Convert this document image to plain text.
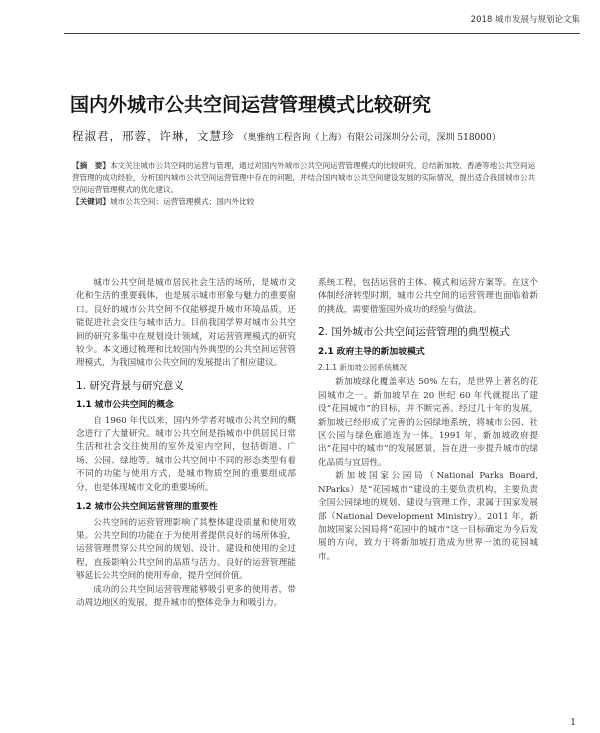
2018 城市发展与规划论文集
国内外城市公共空间运营管理模式比较研究
程淑君，邢蓉，许琳，文慧珍 （奥雅纳工程咨询（上海）有限公司深圳分公司，深圳 518000）

【摘　要】本文关注城市公共空间的运营与管理，通过对国内外城市公共空间运营管理模式的比较研究，总结新加坡、香港等地公共空间运营管理的成功经验，分析国内城市公共空间运营管理中存在的问题，并结合国内城市公共空间建设发展的实际情况，提出适合我国城市公共空间运营管理模式的优化建议。

【关键词】城市公共空间；运营管理模式；国内外比较

城市公共空间是城市居民社会生活的场所，是城市文化和生活的重要载体，也是展示城市形象与魅力的重要窗口。良好的城市公共空间不仅能够提升城市环境品质，还能促进社会交往与城市活力。目前我国学界对城市公共空间的研究多集中在规划设计领域，对运营管理模式的研究较少。本文通过梳理和比较国内外典型的公共空间运营管理模式，为我国城市公共空间的发展提出了相应建议。

1. 研究背景与研究意义
1.1 城市公共空间的概念

自 1960 年代以来，国内外学者对城市公共空间的概念进行了大量研究。城市公共空间是指城市中供居民日常生活和社会交往使用的室外及室内空间，包括街道、广场、公园、绿地等。城市公共空间中不同的形态类型有着不同的功能与使用方式，是城市物质空间的重要组成部分，也是体现城市文化的重要场所。

1.2 城市公共空间运营管理的重要性

公共空间的运营管理影响了其整体建设质量和使用效果。公共空间的功能在于为使用者提供良好的场所体验，运营管理贯穿公共空间的规划、设计、建设和使用的全过程，直接影响公共空间的品质与活力。良好的运营管理能够延长公共空间的使用寿命，提升空间价值。

成功的公共空间运营管理能够吸引更多的使用者，带动周边地区的发展，提升城市的整体竞争力和吸引力。

系统工程，包括运营的主体、模式和运营方案等。在这个体制经济转型时期，城市公共空间的运营管理也面临着新的挑战，需要借鉴国外成功的经验与做法。

2. 国外城市公共空间运营管理的典型模式
2.1 政府主导的新加坡模式
2.1.1 新加坡公园系统概况

新加坡绿化覆盖率达 50% 左右，是世界上著名的花园城市之一。新加坡早在 20 世纪 60 年代就提出了建设“花园城市”的目标，并不断完善。经过几十年的发展，新加坡已经形成了完善的公园绿地系统，将城市公园、社区公园与绿色廊道连为一体。1991 年，新加坡政府提出“花园中的城市”的发展愿景，旨在进一步提升城市的绿化品质与宜居性。

新加坡国家公园局（National Parks Board, NParks）是“花园城市”建设的主要负责机构，主要负责全国公园绿地的规划、建设与管理工作，隶属于国家发展部（National Development Ministry）。2011 年，新加坡国家公园局将“花园中的城市”这一目标确定为今后发展的方向，致力于将新加坡打造成为世界一流的花园城市。

1
